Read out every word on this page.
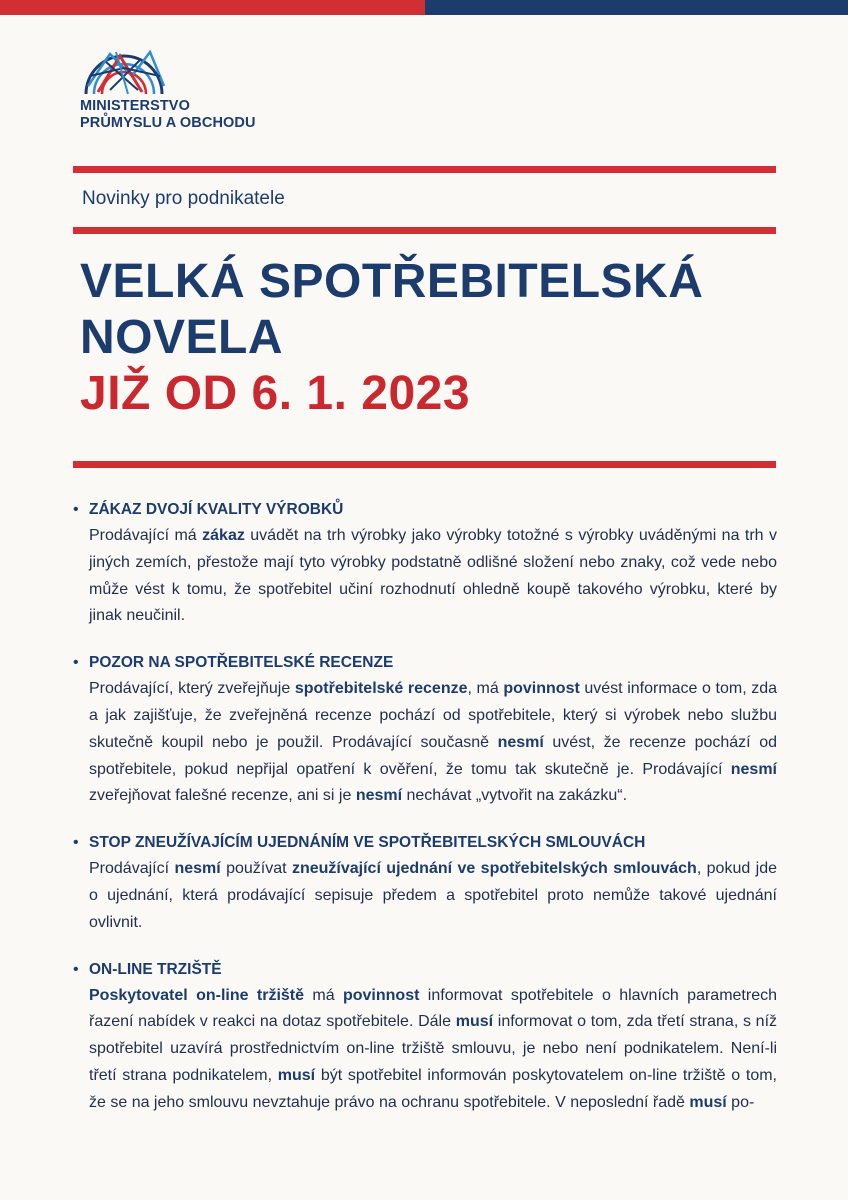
MINISTERSTVO
PRŮMYSLU A OBCHODU
Novinky pro podnikatele
VELKÁ SPOTŘEBITELSKÁ
NOVELA
JIŽ OD 6. 1. 2023
• ZÁKAZ DVOJÍ KVALITY VÝROBKŮ
Prodávající má zákaz uvádět na trh výrobky jako výrobky totožné s výrobky uváděnými na trh v jiných zemích, přestože mají tyto výrobky podstatně odlišné složení nebo znaky, což vede nebo může vést k tomu, že spotřebitel učiní rozhodnutí ohledně koupě takového výrobku, které by jinak neučinil.
• POZOR NA SPOTŘEBITELSKÉ RECENZE
Prodávající, který zveřejňuje spotřebitelské recenze, má povinnost uvést informace o tom, zda a jak zajišťuje, že zveřejněná recenze pochází od spotřebitele, který si výrobek nebo službu skutečně koupil nebo je použil. Prodávající současně nesmí uvést, že recenze pochází od spotřebitele, pokud nepřijal opatření k ověření, že tomu tak skutečně je. Prodávající nesmí zveřejňovat falešné recenze, ani si je nesmí nechávat „vytvořit na zakázku“.
• STOP ZNEUŽÍVAJÍCÍM UJEDNÁNÍM VE SPOTŘEBITELSKÝCH SMLOUVÁCH
Prodávající nesmí používat zneužívající ujednání ve spotřebitelských smlouvách, pokud jde o ujednání, která prodávající sepisuje předem a spotřebitel proto nemůže takové ujednání ovlivnit.
• ON-LINE TRZIŠTĚ
Poskytovatel on-line tržiště má povinnost informovat spotřebitele o hlavních parametrech řazení nabídek v reakci na dotaz spotřebitele. Dále musí informovat o tom, zda třetí strana, s níž spotřebitel uzavírá prostřednictvím on-line tržiště smlouvu, je nebo není podnikatelem. Není-li třetí strana podnikatelem, musí být spotřebitel informován poskytovatelem on-line tržiště o tom, že se na jeho smlouvu nevztahuje právo na ochranu spotřebitele. V neposlední řadě musí po-
